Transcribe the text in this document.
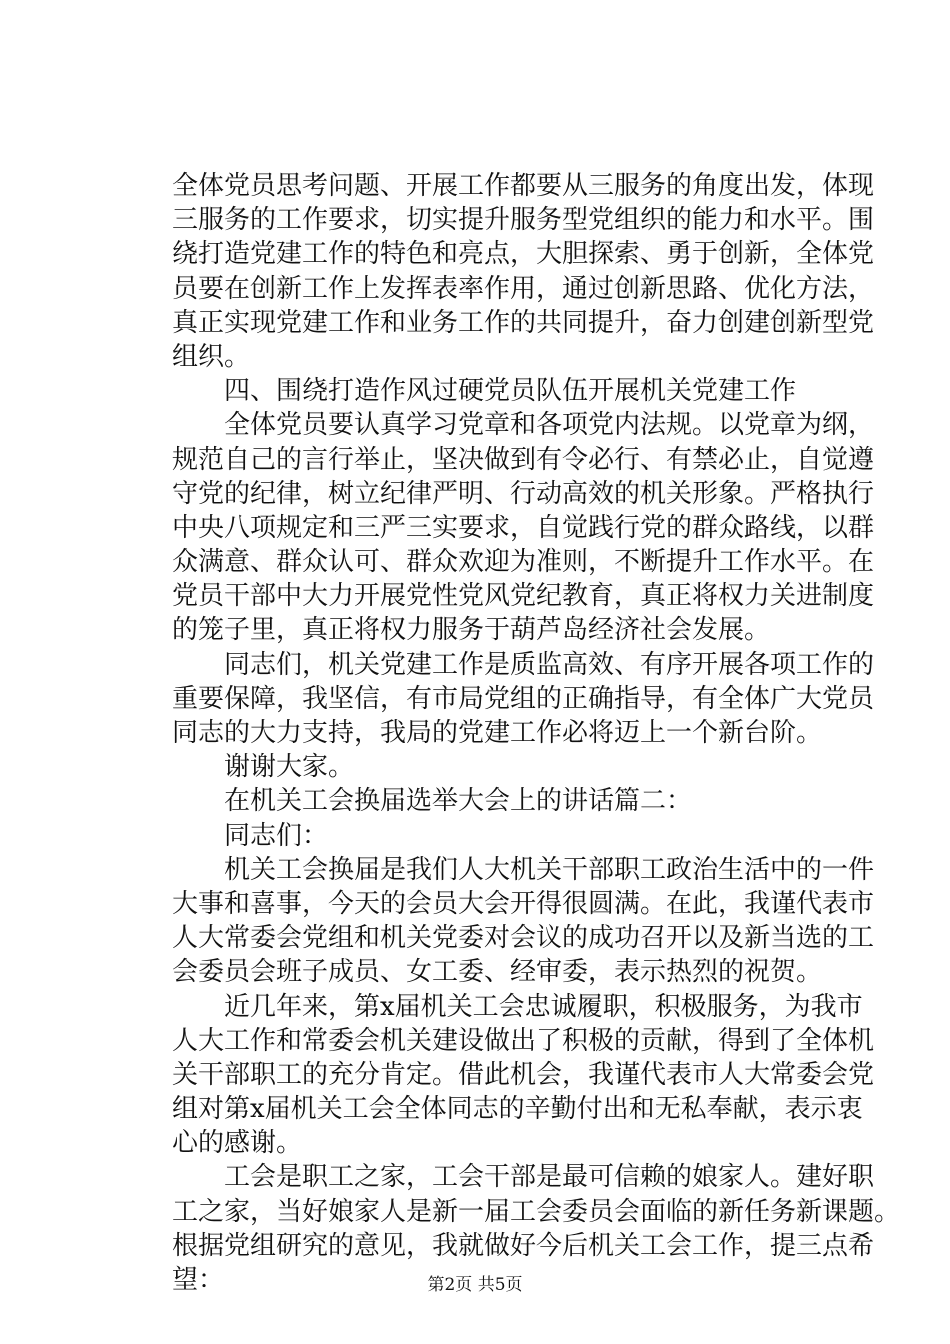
全体党员思考问题、开展工作都要从三服务的角度出发，体现
三服务的工作要求，切实提升服务型党组织的能力和水平。围
绕打造党建工作的特色和亮点，大胆探索、勇于创新，全体党
员要在创新工作上发挥表率作用，通过创新思路、优化方法，
真正实现党建工作和业务工作的共同提升，奋力创建创新型党
组织。
　　四、围绕打造作风过硬党员队伍开展机关党建工作
　　全体党员要认真学习党章和各项党内法规。以党章为纲，
规范自己的言行举止，坚决做到有令必行、有禁必止，自觉遵
守党的纪律，树立纪律严明、行动高效的机关形象。严格执行
中央八项规定和三严三实要求，自觉践行党的群众路线，以群
众满意、群众认可、群众欢迎为准则，不断提升工作水平。在
党员干部中大力开展党性党风党纪教育，真正将权力关进制度
的笼子里，真正将权力服务于葫芦岛经济社会发展。
　　同志们，机关党建工作是质监高效、有序开展各项工作的
重要保障，我坚信，有市局党组的正确指导，有全体广大党员
同志的大力支持，我局的党建工作必将迈上一个新台阶。
　　谢谢大家。
　　在机关工会换届选举大会上的讲话篇二：
　　同志们：
　　机关工会换届是我们人大机关干部职工政治生活中的一件
大事和喜事，今天的会员大会开得很圆满。在此，我谨代表市
人大常委会党组和机关党委对会议的成功召开以及新当选的工
会委员会班子成员、女工委、经审委，表示热烈的祝贺。
　　近几年来，第x届机关工会忠诚履职，积极服务，为我市
人大工作和常委会机关建设做出了积极的贡献，得到了全体机
关干部职工的充分肯定。借此机会，我谨代表市人大常委会党
组对第x届机关工会全体同志的辛勤付出和无私奉献，表示衷
心的感谢。
　　工会是职工之家，工会干部是最可信赖的娘家人。建好职
工之家，当好娘家人是新一届工会委员会面临的新任务新课题。
根据党组研究的意见，我就做好今后机关工会工作，提三点希
望：	第2页 共5页
